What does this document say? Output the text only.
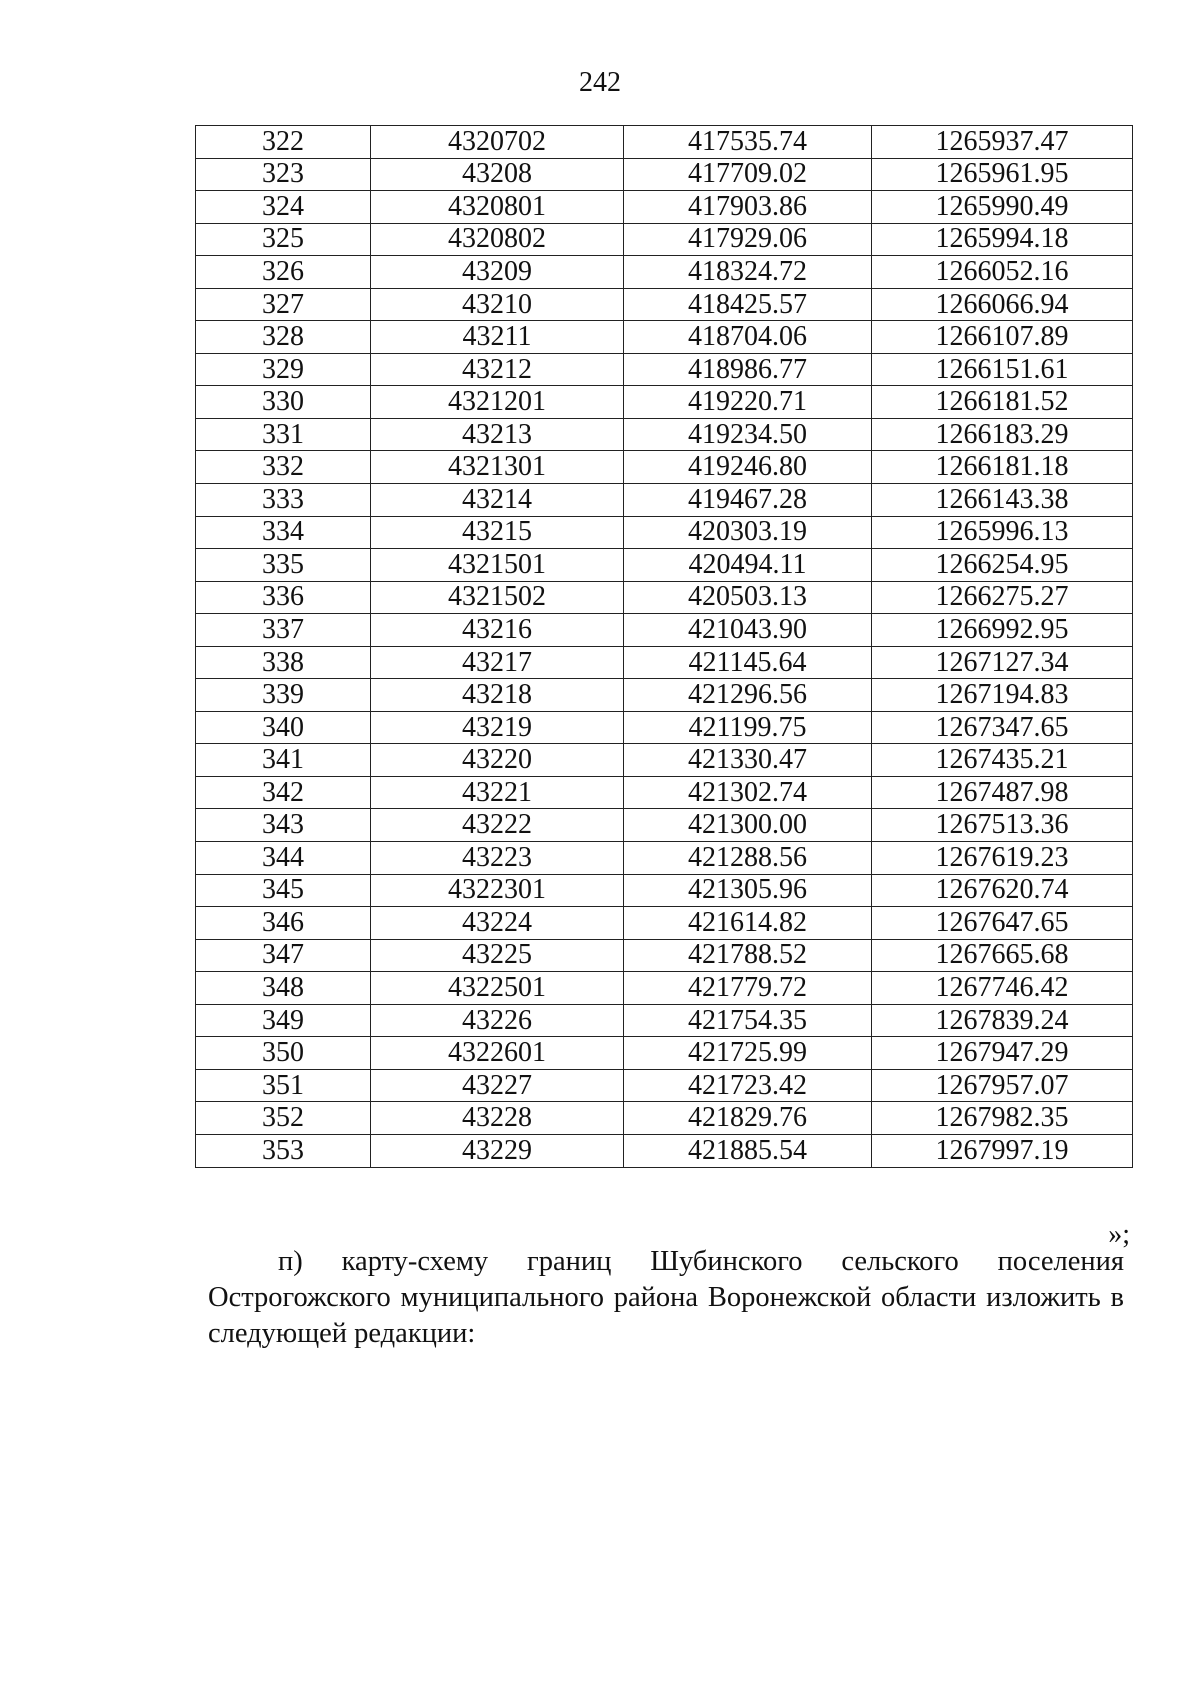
242
322	4320702	417535.74	1265937.47
323	43208	417709.02	1265961.95
324	4320801	417903.86	1265990.49
325	4320802	417929.06	1265994.18
326	43209	418324.72	1266052.16
327	43210	418425.57	1266066.94
328	43211	418704.06	1266107.89
329	43212	418986.77	1266151.61
330	4321201	419220.71	1266181.52
331	43213	419234.50	1266183.29
332	4321301	419246.80	1266181.18
333	43214	419467.28	1266143.38
334	43215	420303.19	1265996.13
335	4321501	420494.11	1266254.95
336	4321502	420503.13	1266275.27
337	43216	421043.90	1266992.95
338	43217	421145.64	1267127.34
339	43218	421296.56	1267194.83
340	43219	421199.75	1267347.65
341	43220	421330.47	1267435.21
342	43221	421302.74	1267487.98
343	43222	421300.00	1267513.36
344	43223	421288.56	1267619.23
345	4322301	421305.96	1267620.74
346	43224	421614.82	1267647.65
347	43225	421788.52	1267665.68
348	4322501	421779.72	1267746.42
349	43226	421754.35	1267839.24
350	4322601	421725.99	1267947.29
351	43227	421723.42	1267957.07
352	43228	421829.76	1267982.35
353	43229	421885.54	1267997.19
»;

п) карту-схему границ Шубинского сельского поселения Острогожского муниципального района Воронежской области изложить в следующей редакции:
